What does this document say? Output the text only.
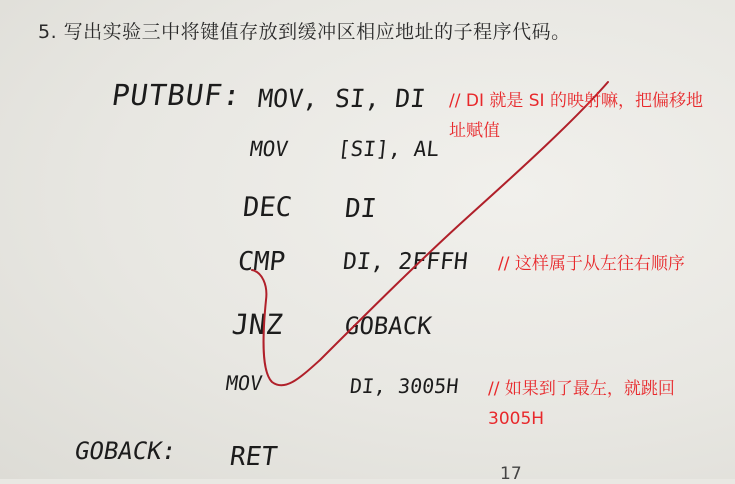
5. 写出实验三中将键值存放到缓冲区相应地址的子程序代码。
PUTBUF: MOV, SI, DI
MOV [SI], AL
DEC DI
CMP DI, 2FFFH
JNZ GOBACK
MOV	DI, 3005H
GOBACK: RET
17
// DI 就是 SI 的映射嘛，把偏移地址赋值
// 这样属于从左往右顺序
// 如果到了最左，就跳回 3005H
